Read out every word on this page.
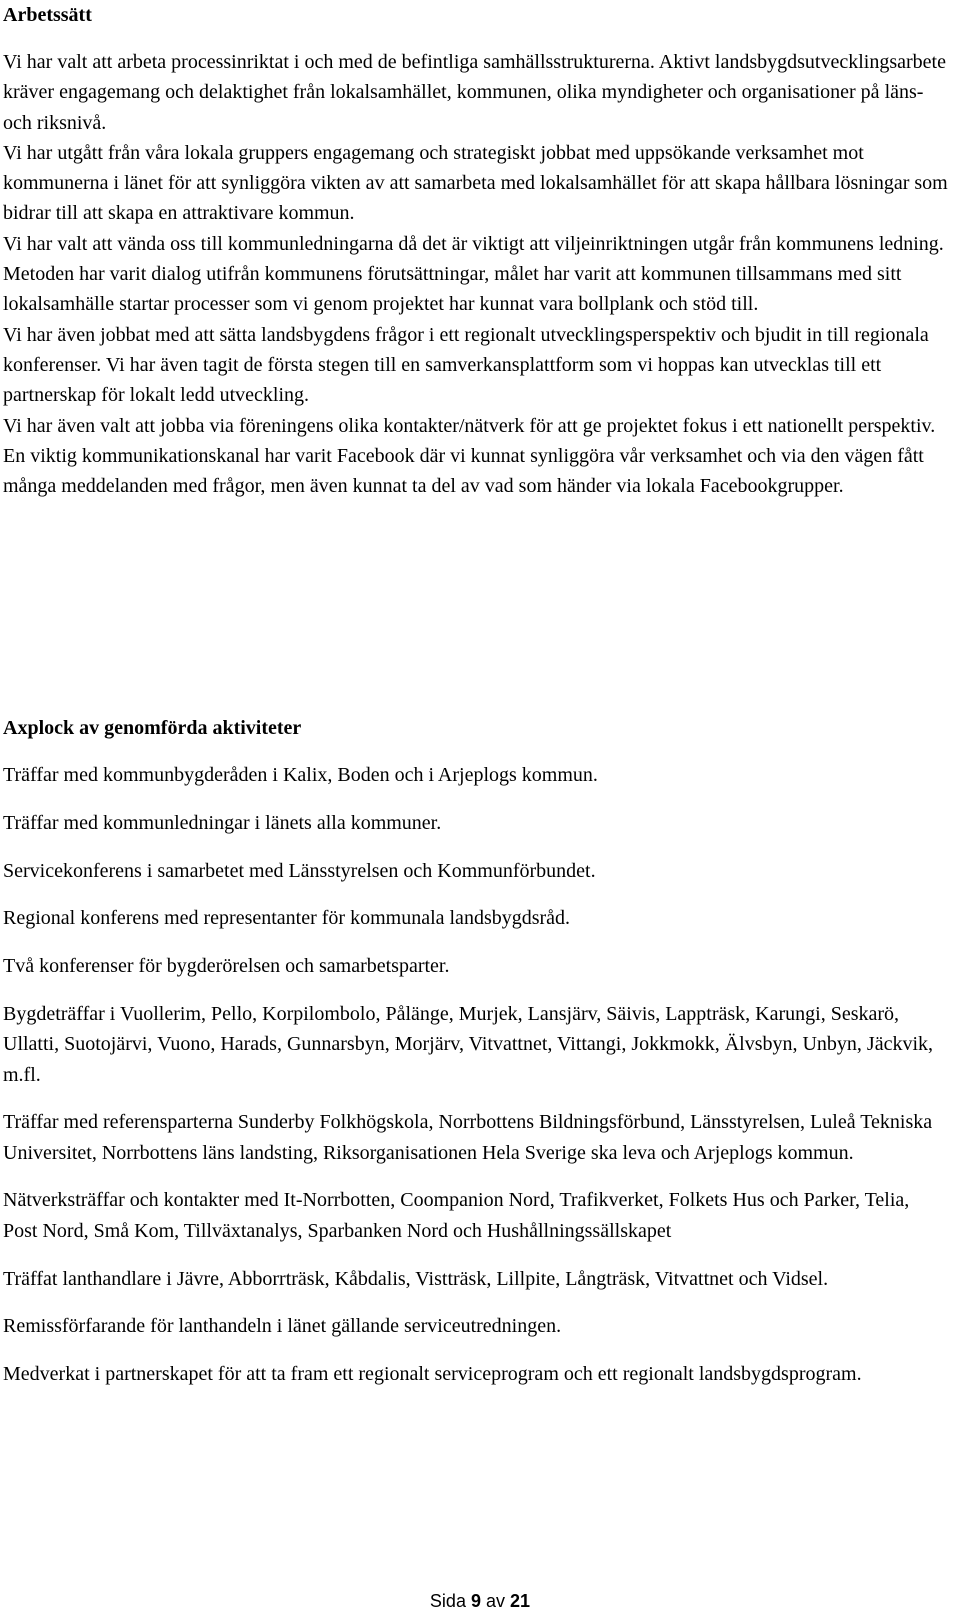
Arbetssätt

Vi har valt att arbeta processinriktat i och med de befintliga samhällsstrukturerna. Aktivt landsbygdsutvecklingsarbete kräver engagemang och delaktighet från lokalsamhället, kommunen, olika myndigheter och organisationer på läns- och riksnivå.

Vi har utgått från våra lokala gruppers engagemang och strategiskt jobbat med uppsökande verksamhet mot kommunerna i länet för att synliggöra vikten av att samarbeta med lokalsamhället för att skapa hållbara lösningar som bidrar till att skapa en attraktivare kommun.

Vi har valt att vända oss till kommunledningarna då det är viktigt att viljeinriktningen utgår från kommunens ledning. Metoden har varit dialog utifrån kommunens förutsättningar, målet har varit att kommunen tillsammans med sitt lokalsamhälle startar processer som vi genom projektet har kunnat vara bollplank och stöd till.

Vi har även jobbat med att sätta landsbygdens frågor i ett regionalt utvecklingsperspektiv och bjudit in till regionala konferenser. Vi har även tagit de första stegen till en samverkansplattform som vi hoppas kan utvecklas till ett partnerskap för lokalt ledd utveckling.

Vi har även valt att jobba via föreningens olika kontakter/nätverk för att ge projektet fokus i ett nationellt perspektiv.

En viktig kommunikationskanal har varit Facebook där vi kunnat synliggöra vår verksamhet och via den vägen fått många meddelanden med frågor, men även kunnat ta del av vad som händer via lokala Facebookgrupper.

Axplock av genomförda aktiviteter

Träffar med kommunbygderåden i Kalix, Boden och i Arjeplogs kommun.

Träffar med kommunledningar i länets alla kommuner.

Servicekonferens i samarbetet med Länsstyrelsen och Kommunförbundet.

Regional konferens med representanter för kommunala landsbygdsråd.

Två konferenser för bygderörelsen och samarbetsparter.

Bygdeträffar i Vuollerim, Pello, Korpilombolo, Pålänge, Murjek, Lansjärv, Säivis, Lappträsk, Karungi, Seskarö, Ullatti, Suotojärvi, Vuono, Harads, Gunnarsbyn, Morjärv, Vitvattnet, Vittangi, Jokkmokk, Älvsbyn, Unbyn, Jäckvik, m.fl.

Träffar med referensparterna Sunderby Folkhögskola, Norrbottens Bildningsförbund, Länsstyrelsen, Luleå Tekniska Universitet, Norrbottens läns landsting, Riksorganisationen Hela Sverige ska leva och Arjeplogs kommun.

Nätverksträffar och kontakter med It-Norrbotten, Coompanion Nord, Trafikverket, Folkets Hus och Parker, Telia, Post Nord, Små Kom, Tillväxtanalys, Sparbanken Nord och Hushållningssällskapet

Träffat lanthandlare i Jävre, Abborrträsk, Kåbdalis, Vistträsk, Lillpite, Långträsk, Vitvattnet och Vidsel.

Remissförfarande för lanthandeln i länet gällande serviceutredningen.

Medverkat i partnerskapet för att ta fram ett regionalt serviceprogram och ett regionalt landsbygdsprogram.

Sida 9 av 21
